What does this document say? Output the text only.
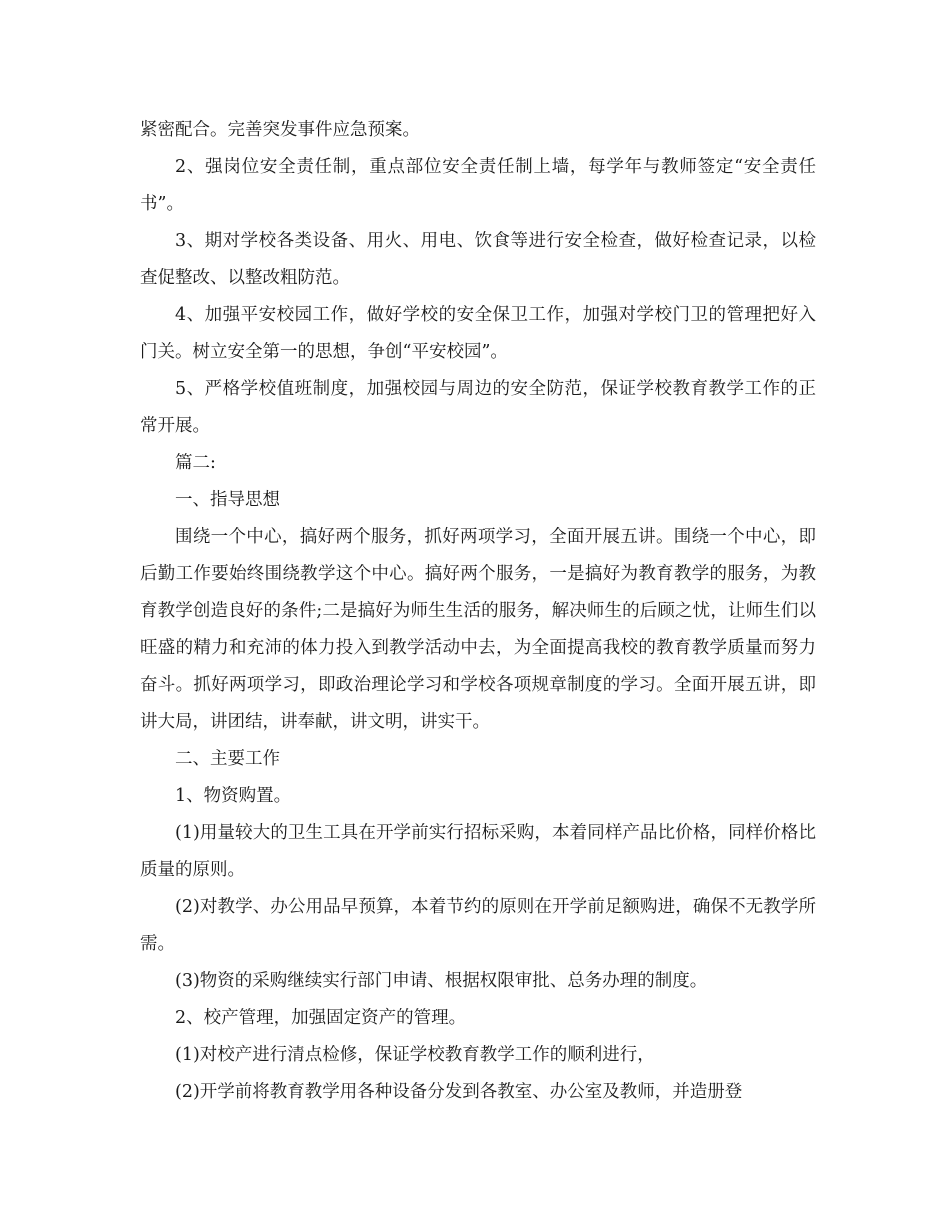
紧密配合。完善突发事件应急预案。

2、强岗位安全责任制，重点部位安全责任制上墙，每学年与教师签定“安全责任书”。

3、期对学校各类设备、用火、用电、饮食等进行安全检查，做好检查记录，以检查促整改、以整改粗防范。

4、加强平安校园工作，做好学校的安全保卫工作，加强对学校门卫的管理把好入门关。树立安全第一的思想，争创“平安校园”。

5、严格学校值班制度，加强校园与周边的安全防范，保证学校教育教学工作的正常开展。

篇二:

一、指导思想

围绕一个中心，搞好两个服务，抓好两项学习，全面开展五讲。围绕一个中心，即后勤工作要始终围绕教学这个中心。搞好两个服务，一是搞好为教育教学的服务，为教育教学创造良好的条件;二是搞好为师生生活的服务，解决师生的后顾之忧，让师生们以旺盛的精力和充沛的体力投入到教学活动中去，为全面提高我校的教育教学质量而努力奋斗。抓好两项学习，即政治理论学习和学校各项规章制度的学习。全面开展五讲，即讲大局，讲团结，讲奉献，讲文明，讲实干。

二、主要工作

1、物资购置。

(1)用量较大的卫生工具在开学前实行招标采购，本着同样产品比价格，同样价格比质量的原则。

(2)对教学、办公用品早预算，本着节约的原则在开学前足额购进，确保不无教学所需。

(3)物资的采购继续实行部门申请、根据权限审批、总务办理的制度。

2、校产管理，加强固定资产的管理。

(1)对校产进行清点检修，保证学校教育教学工作的顺利进行，

(2)开学前将教育教学用各种设备分发到各教室、办公室及教师，并造册登
